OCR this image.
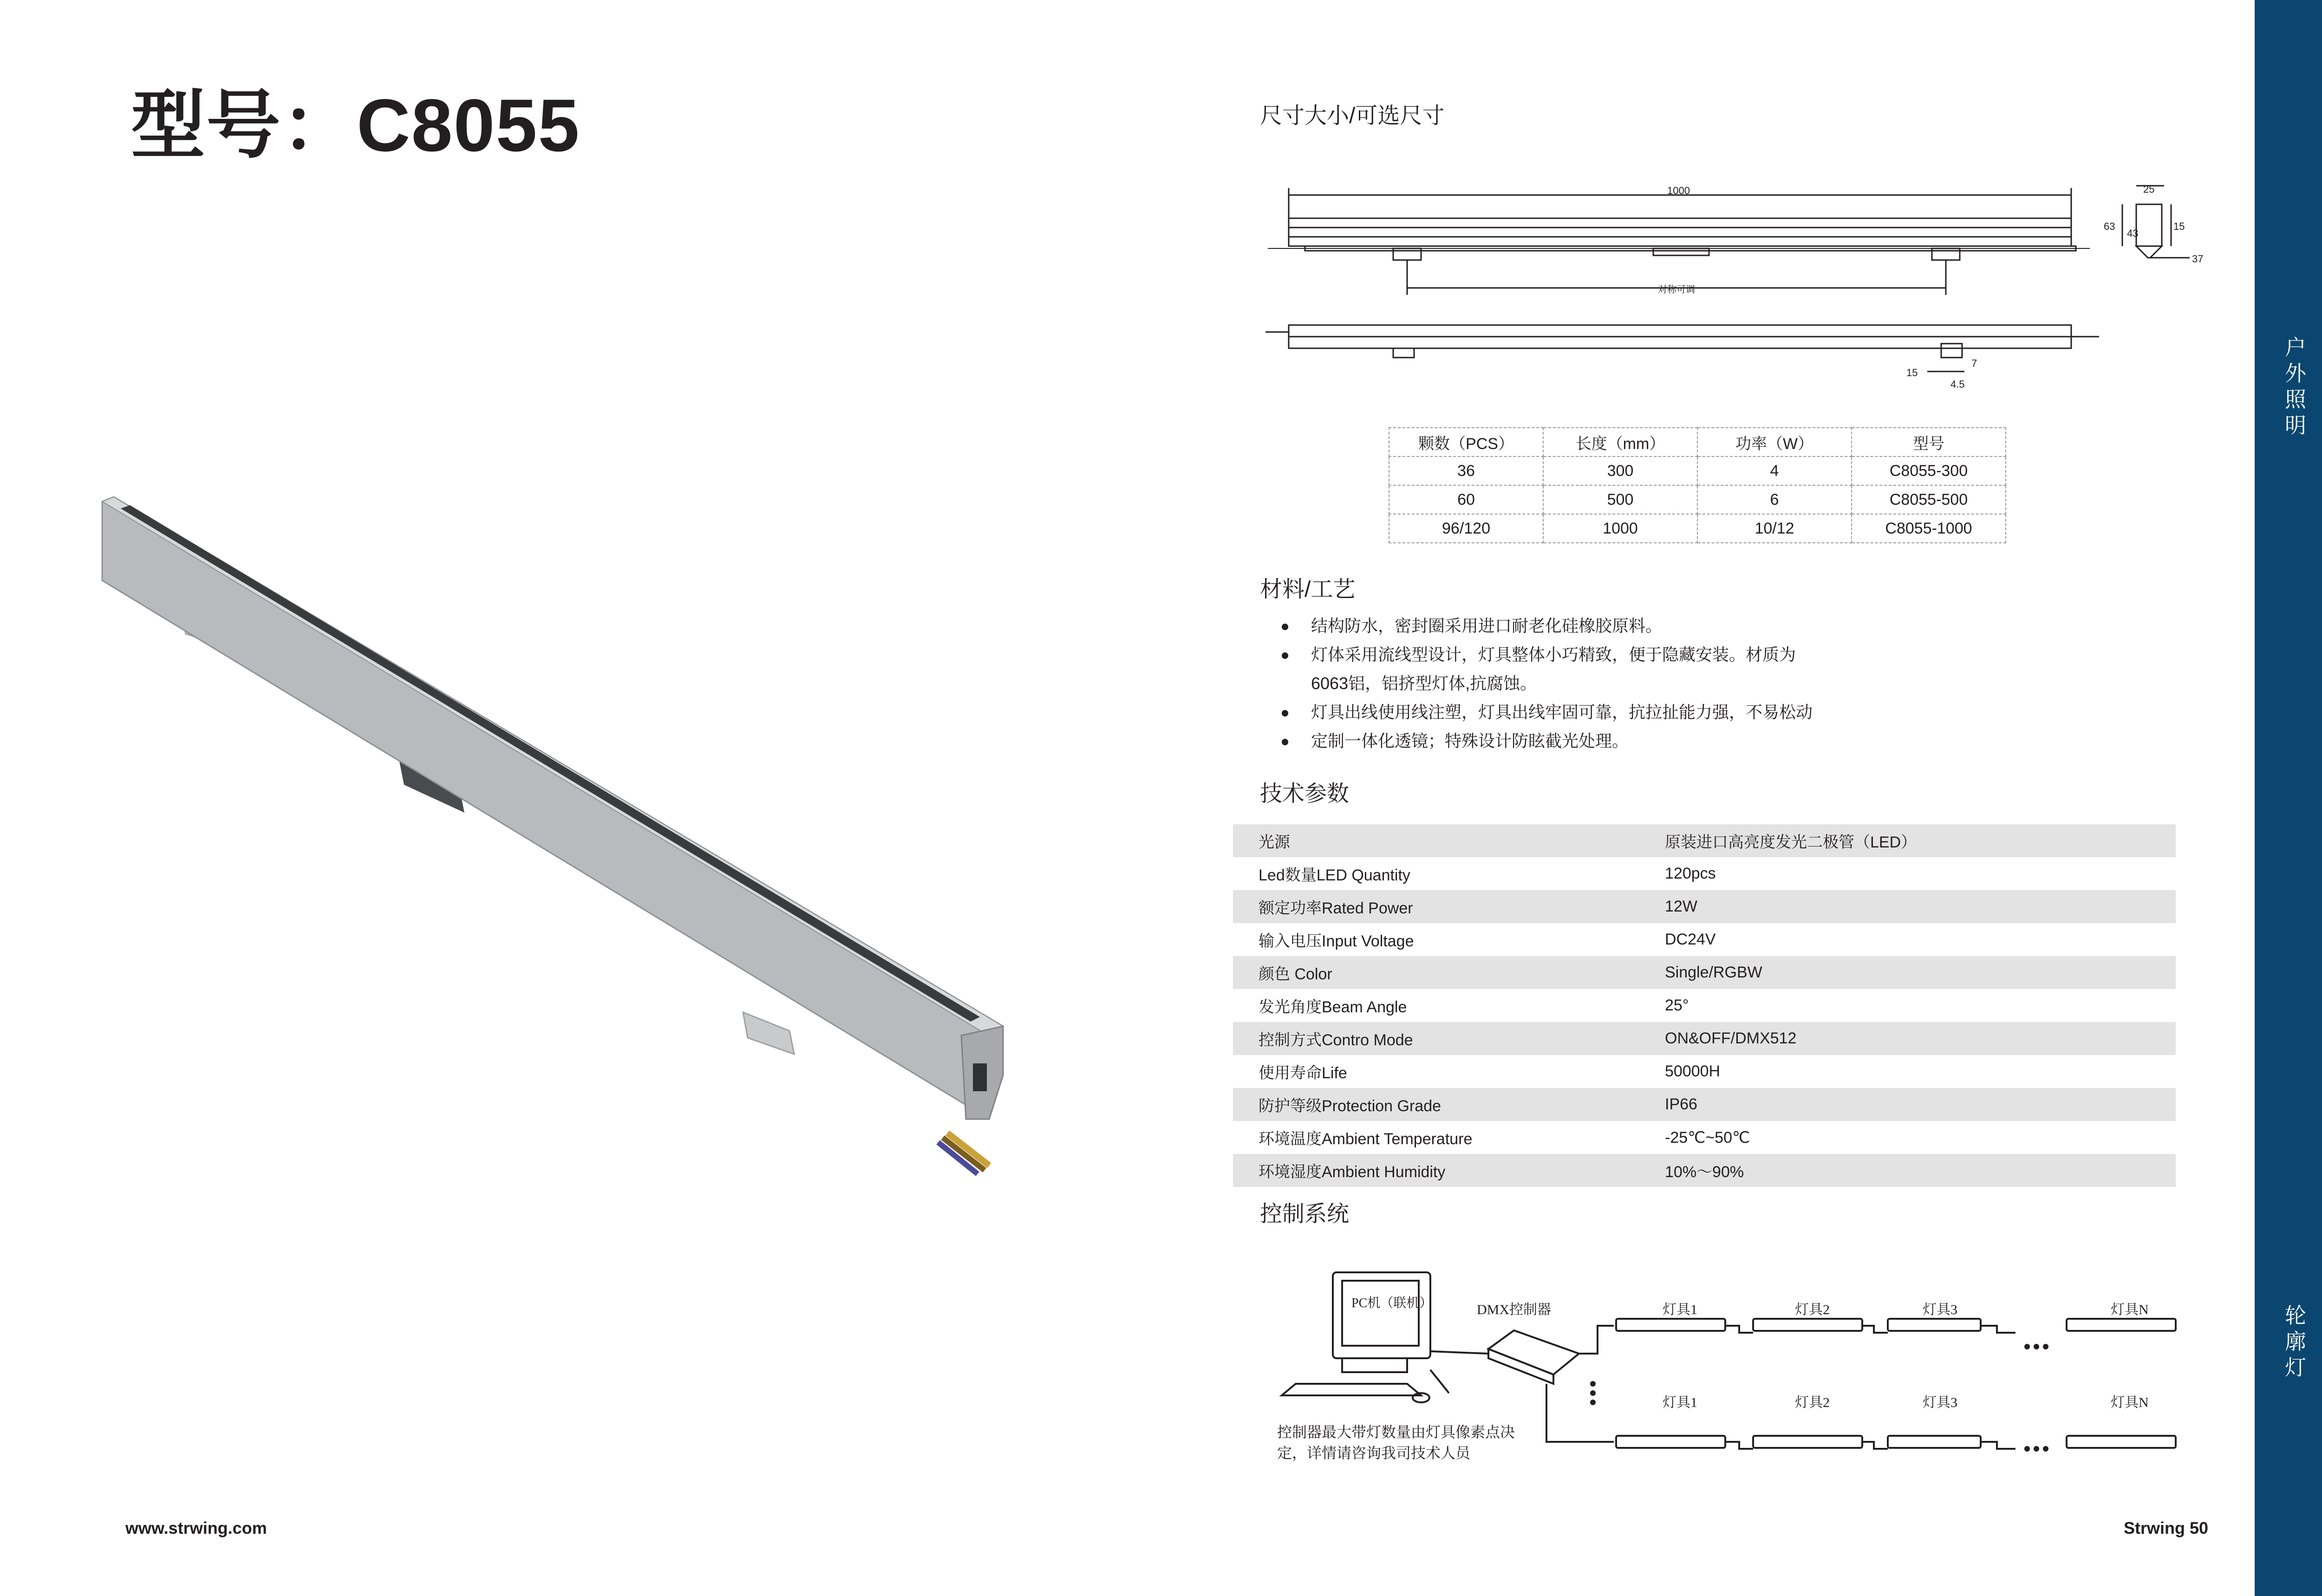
型号：C8055	尺寸大小/可选尺寸
1000
对称可调
25
63
43
15
37
15
7
4.5
颗数（PCS）	长度（mm）	功率（W）	型号
36	300	4	C8055-300
60	500	6	C8055-500
96/120	1000	10/12	C8055-1000
材料/工艺
结构防水，密封圈采用进口耐老化硅橡胶原料。
灯体采用流线型设计，灯具整体小巧精致，便于隐藏安装。材质为
6063铝，铝挤型灯体,抗腐蚀。
灯具出线使用线注塑，灯具出线牢固可靠，抗拉扯能力强，不易松动
定制一体化透镜；特殊设计防眩截光处理。
技术参数
光源	原装进口高亮度发光二极管（LED）
Led数量LED Quantity	120pcs
额定功率Rated Power	12W
输入电压Input Voltage	DC24V
颜色 Color	Single/RGBW
发光角度Beam Angle	25°
控制方式Contro Mode	ON&OFF/DMX512
使用寿命Life	50000H
防护等级Protection Grade	IP66
环境温度Ambient Temperature	-25℃~50℃
环境湿度Ambient Humidity	10%～90%
控制系统
PC机（联机）	DMX控制器	灯具1	灯具2	灯具3	灯具N
灯具1	灯具2	灯具3	灯具N
控制器最大带灯数量由灯具像素点决
定，详情请咨询我司技术人员
www.strwing.com	Strwing 50
户
外
照
明
轮
廓
灯
